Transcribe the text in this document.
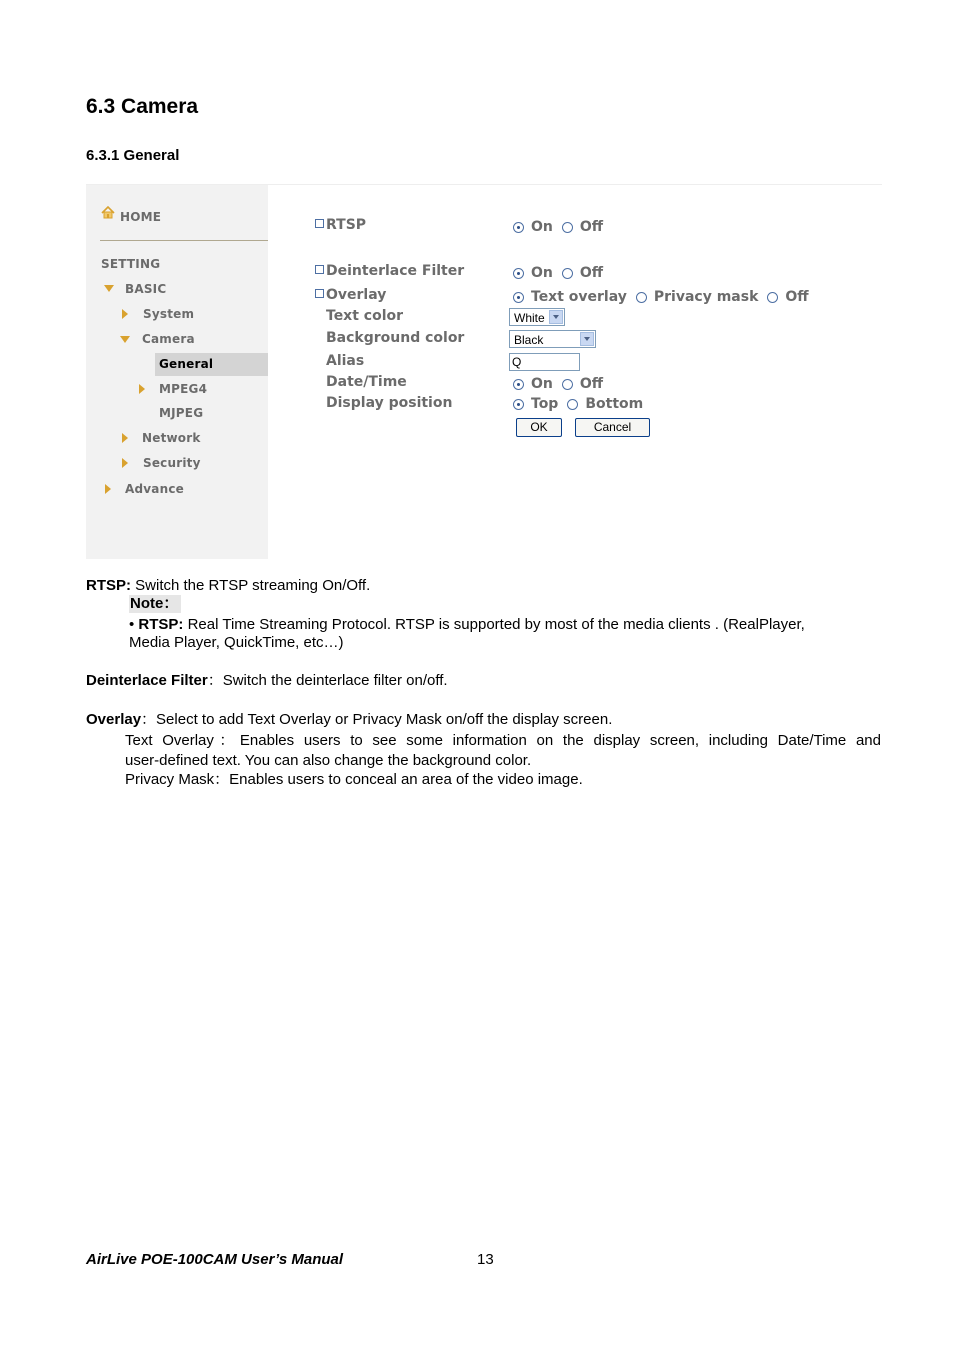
6.3 Camera
6.3.1 General
HOME
SETTING
BASIC
System
Camera
General
MPEG4
MJPEG
Network
Security
Advance
RTSP
Deinterlace Filter
Overlay
Text color
Background color
Alias
Date/Time
Display position
On Off
On Off
Text overlay Privacy mask Off
White
Black
Q
On Off
Top Bottom
OK	Cancel
RTSP: Switch the RTSP streaming On/Off.
Note：
• RTSP: Real Time Streaming Protocol. RTSP is supported by most of the media clients . (RealPlayer,
Media Player, QuickTime, etc…)
Deinterlace Filter：Switch the deinterlace filter on/off.
Overlay：Select to add Text Overlay or Privacy Mask on/off the display screen.
Text Overlay：Enables users to see some information on the display screen, including Date/Time and
user-defined text. You can also change the background color.
Privacy Mask：Enables users to conceal an area of the video image.
AirLive POE-100CAM User’s Manual	13
